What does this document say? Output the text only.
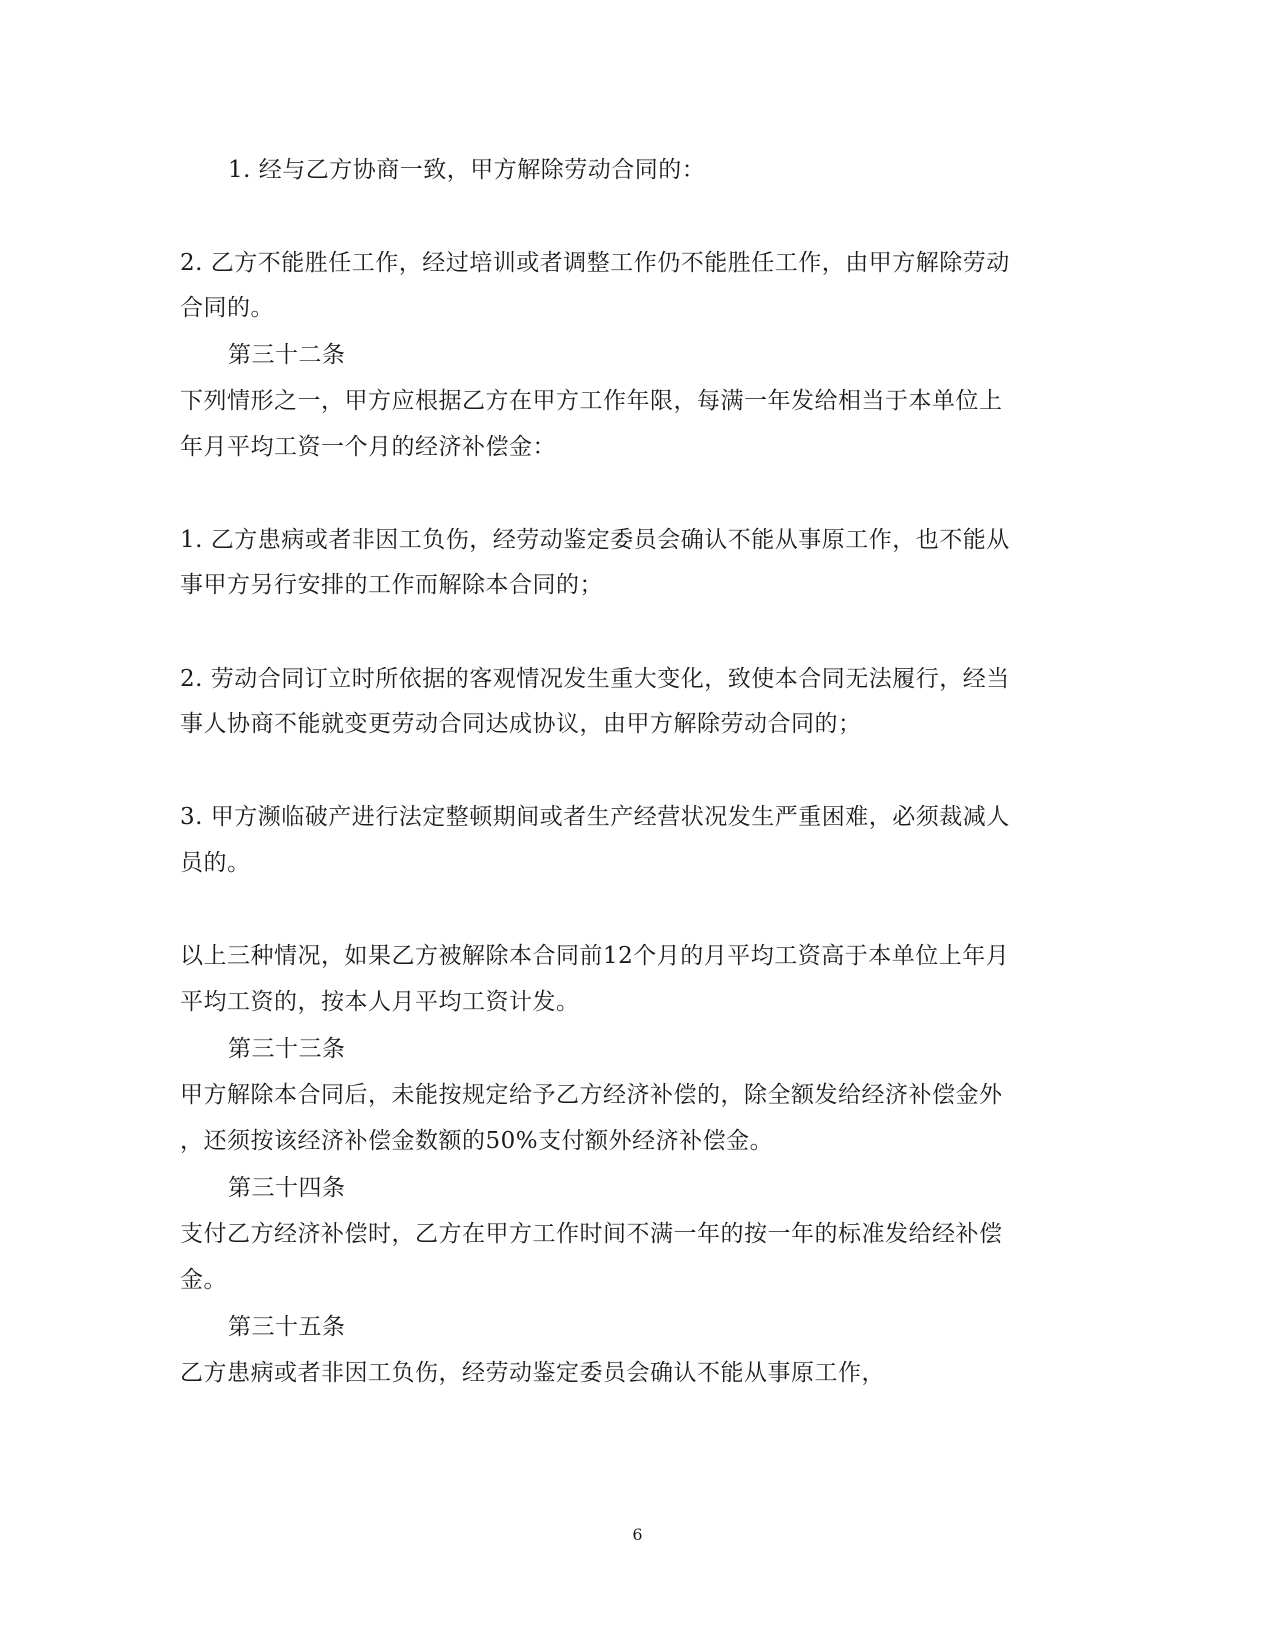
1. 经与乙方协商一致，甲方解除劳动合同的：
2. 乙方不能胜任工作，经过培训或者调整工作仍不能胜任工作，由甲方解除劳动
合同的。
第三十二条
下列情形之一，甲方应根据乙方在甲方工作年限，每满一年发给相当于本单位上
年月平均工资一个月的经济补偿金：
1. 乙方患病或者非因工负伤，经劳动鉴定委员会确认不能从事原工作，也不能从
事甲方另行安排的工作而解除本合同的；
2. 劳动合同订立时所依据的客观情况发生重大变化，致使本合同无法履行，经当
事人协商不能就变更劳动合同达成协议，由甲方解除劳动合同的；
3. 甲方濒临破产进行法定整顿期间或者生产经营状况发生严重困难，必须裁减人
员的。
以上三种情况，如果乙方被解除本合同前12个月的月平均工资高于本单位上年月
平均工资的，按本人月平均工资计发。
第三十三条
甲方解除本合同后，未能按规定给予乙方经济补偿的，除全额发给经济补偿金外
，还须按该经济补偿金数额的50%支付额外经济补偿金。
第三十四条
支付乙方经济补偿时，乙方在甲方工作时间不满一年的按一年的标准发给经补偿
金。
第三十五条
乙方患病或者非因工负伤，经劳动鉴定委员会确认不能从事原工作，
6
